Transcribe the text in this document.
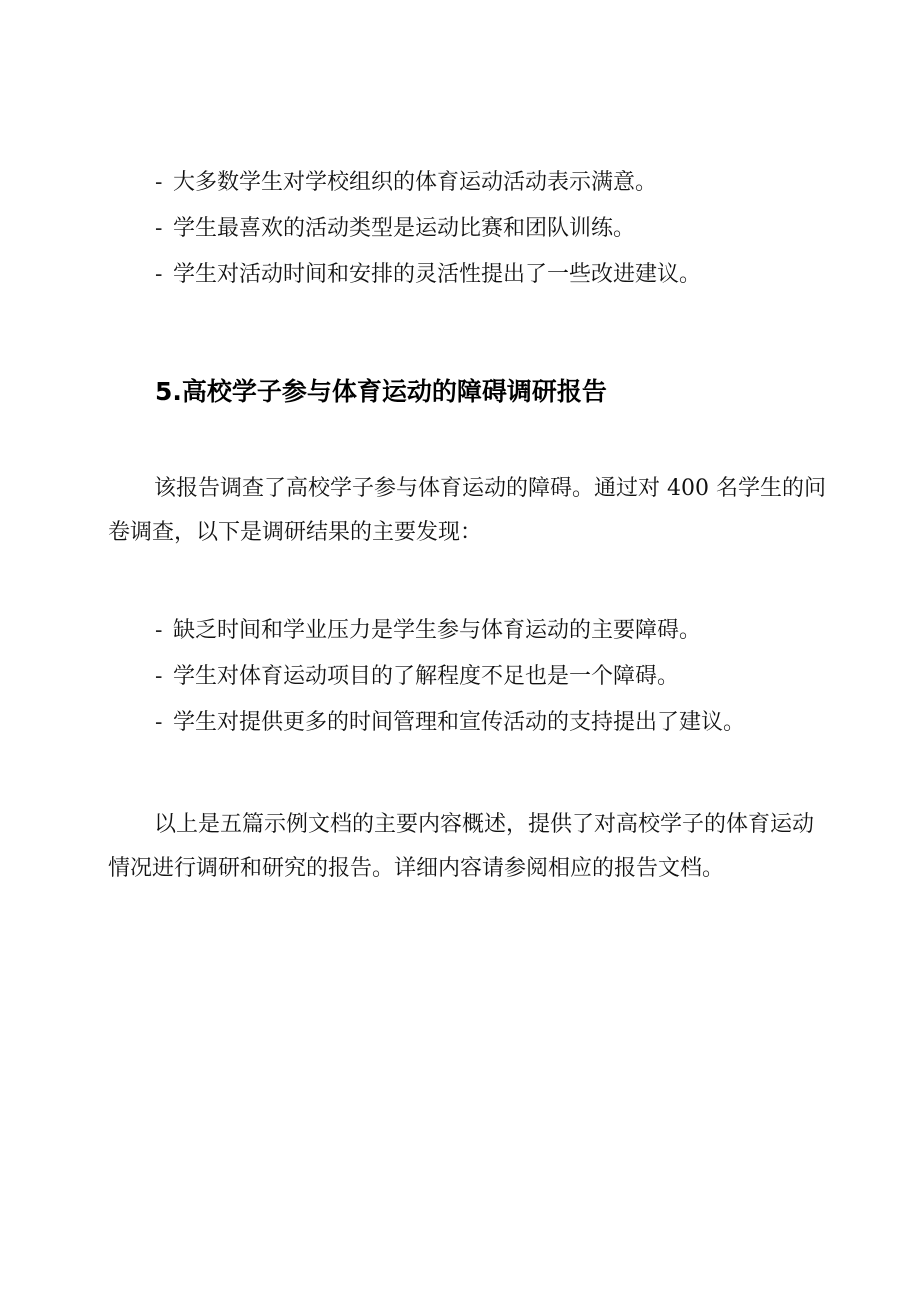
- 大多数学生对学校组织的体育运动活动表示满意。
- 学生最喜欢的活动类型是运动比赛和团队训练。
- 学生对活动时间和安排的灵活性提出了一些改进建议。
5.高校学子参与体育运动的障碍调研报告

该报告调查了高校学子参与体育运动的障碍。通过对 400 名学生的问卷调查，以下是调研结果的主要发现：

- 缺乏时间和学业压力是学生参与体育运动的主要障碍。
- 学生对体育运动项目的了解程度不足也是一个障碍。
- 学生对提供更多的时间管理和宣传活动的支持提出了建议。

以上是五篇示例文档的主要内容概述，提供了对高校学子的体育运动情况进行调研和研究的报告。详细内容请参阅相应的报告文档。
